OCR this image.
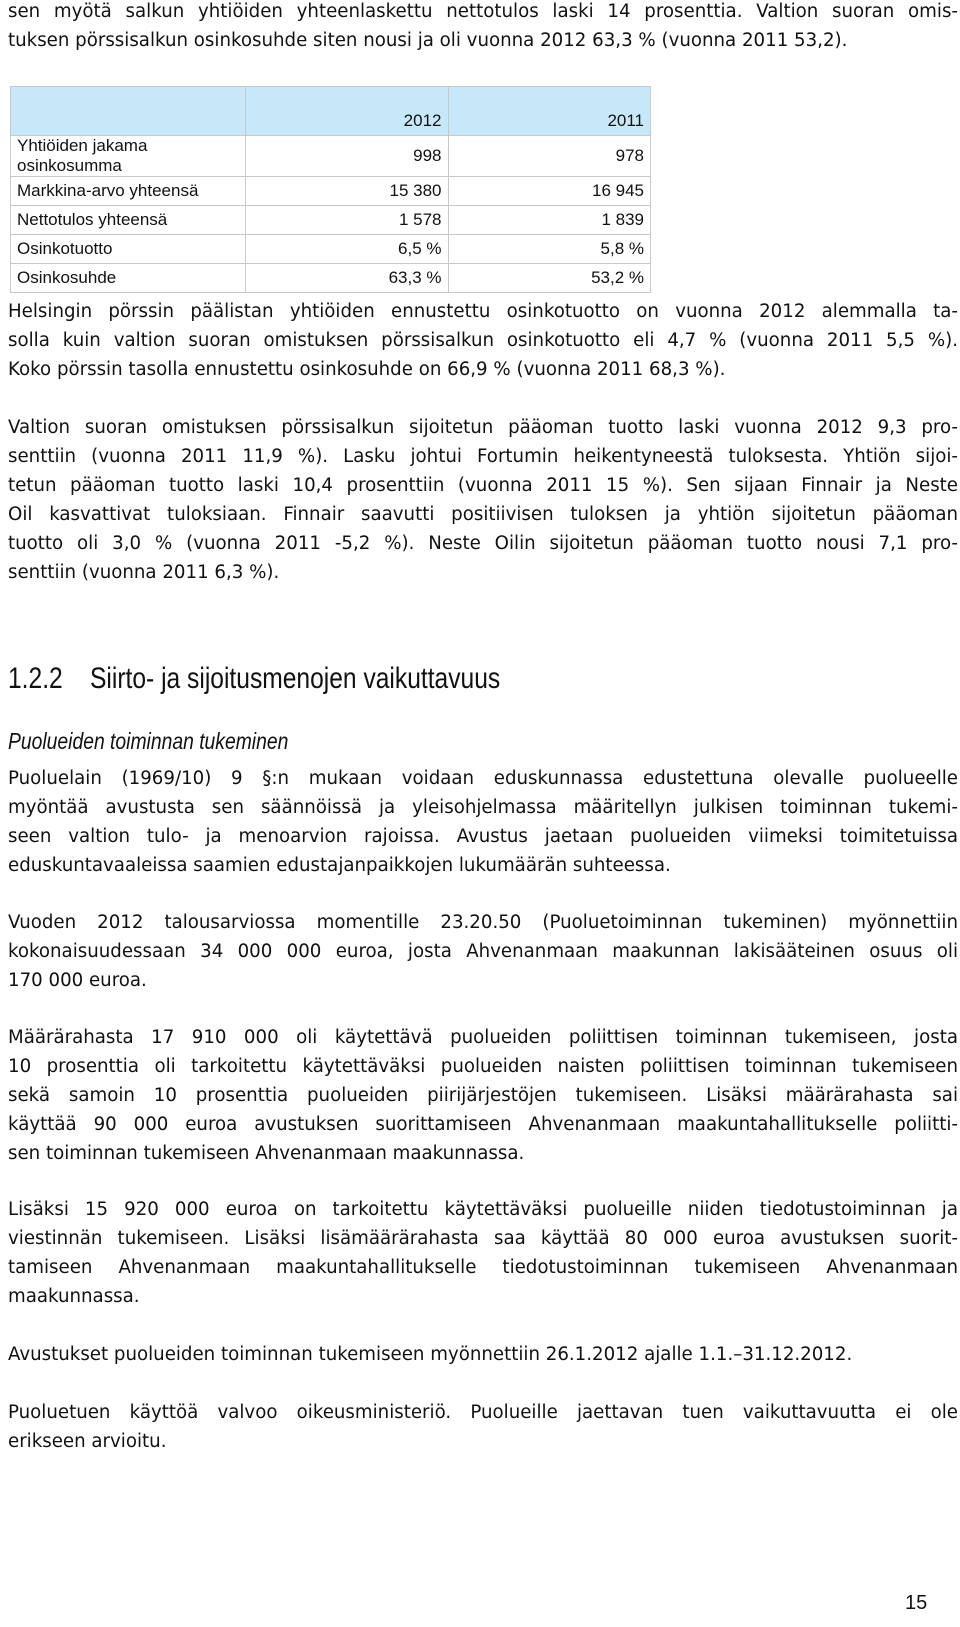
sen myötä salkun yhtiöiden yhteenlaskettu nettotulos laski 14 prosenttia. Valtion suoran omis-
tuksen pörssisalkun osinkosuhde siten nousi ja oli vuonna 2012 63,3 % (vuonna 2011 53,2).

	2012	2011
Yhtiöiden jakama osinkosumma	998	978
Markkina-arvo yhteensä	15 380	16 945
Nettotulos yhteensä	1 578	1 839
Osinkotuotto	6,5 %	5,8 %
Osinkosuhde	63,3 %	53,2 %

Helsingin pörssin päälistan yhtiöiden ennustettu osinkotuotto on vuonna 2012 alemmalla ta-
solla kuin valtion suoran omistuksen pörssisalkun osinkotuotto eli 4,7 % (vuonna 2011 5,5 %).
Koko pörssin tasolla ennustettu osinkosuhde on 66,9 % (vuonna 2011 68,3 %).

Valtion suoran omistuksen pörssisalkun sijoitetun pääoman tuotto laski vuonna 2012 9,3 pro-
senttiin (vuonna 2011 11,9 %). Lasku johtui Fortumin heikentyneestä tuloksesta. Yhtiön sijoi-
tetun pääoman tuotto laski 10,4 prosenttiin (vuonna 2011 15 %). Sen sijaan Finnair ja Neste
Oil kasvattivat tuloksiaan. Finnair saavutti positiivisen tuloksen ja yhtiön sijoitetun pääoman
tuotto oli 3,0 % (vuonna 2011 -5,2 %). Neste Oilin sijoitetun pääoman tuotto nousi 7,1 pro-
senttiin (vuonna 2011 6,3 %).

1.2.2 Siirto- ja sijoitusmenojen vaikuttavuus
Puolueiden toiminnan tukeminen

Puoluelain (1969/10) 9 §:n mukaan voidaan eduskunnassa edustettuna olevalle puolueelle
myöntää avustusta sen säännöissä ja yleisohjelmassa määritellyn julkisen toiminnan tukemi-
seen valtion tulo- ja menoarvion rajoissa. Avustus jaetaan puolueiden viimeksi toimitetuissa
eduskuntavaaleissa saamien edustajanpaikkojen lukumäärän suhteessa.

Vuoden 2012 talousarviossa momentille 23.20.50 (Puoluetoiminnan tukeminen) myönnettiin
kokonaisuudessaan 34 000 000 euroa, josta Ahvenanmaan maakunnan lakisääteinen osuus oli
170 000 euroa.

Määrärahasta 17 910 000 oli käytettävä puolueiden poliittisen toiminnan tukemiseen, josta
10 prosenttia oli tarkoitettu käytettäväksi puolueiden naisten poliittisen toiminnan tukemiseen
sekä samoin 10 prosenttia puolueiden piirijärjestöjen tukemiseen. Lisäksi määrärahasta sai
käyttää 90 000 euroa avustuksen suorittamiseen Ahvenanmaan maakuntahallitukselle poliitti-
sen toiminnan tukemiseen Ahvenanmaan maakunnassa.

Lisäksi 15 920 000 euroa on tarkoitettu käytettäväksi puolueille niiden tiedotustoiminnan ja
viestinnän tukemiseen. Lisäksi lisämäärärahasta saa käyttää 80 000 euroa avustuksen suorit-
tamiseen Ahvenanmaan maakuntahallitukselle tiedotustoiminnan tukemiseen Ahvenanmaan
maakunnassa.

Avustukset puolueiden toiminnan tukemiseen myönnettiin 26.1.2012 ajalle 1.1.–31.12.2012.

Puoluetuen käyttöä valvoo oikeusministeriö. Puolueille jaettavan tuen vaikuttavuutta ei ole
erikseen arvioitu.

15
